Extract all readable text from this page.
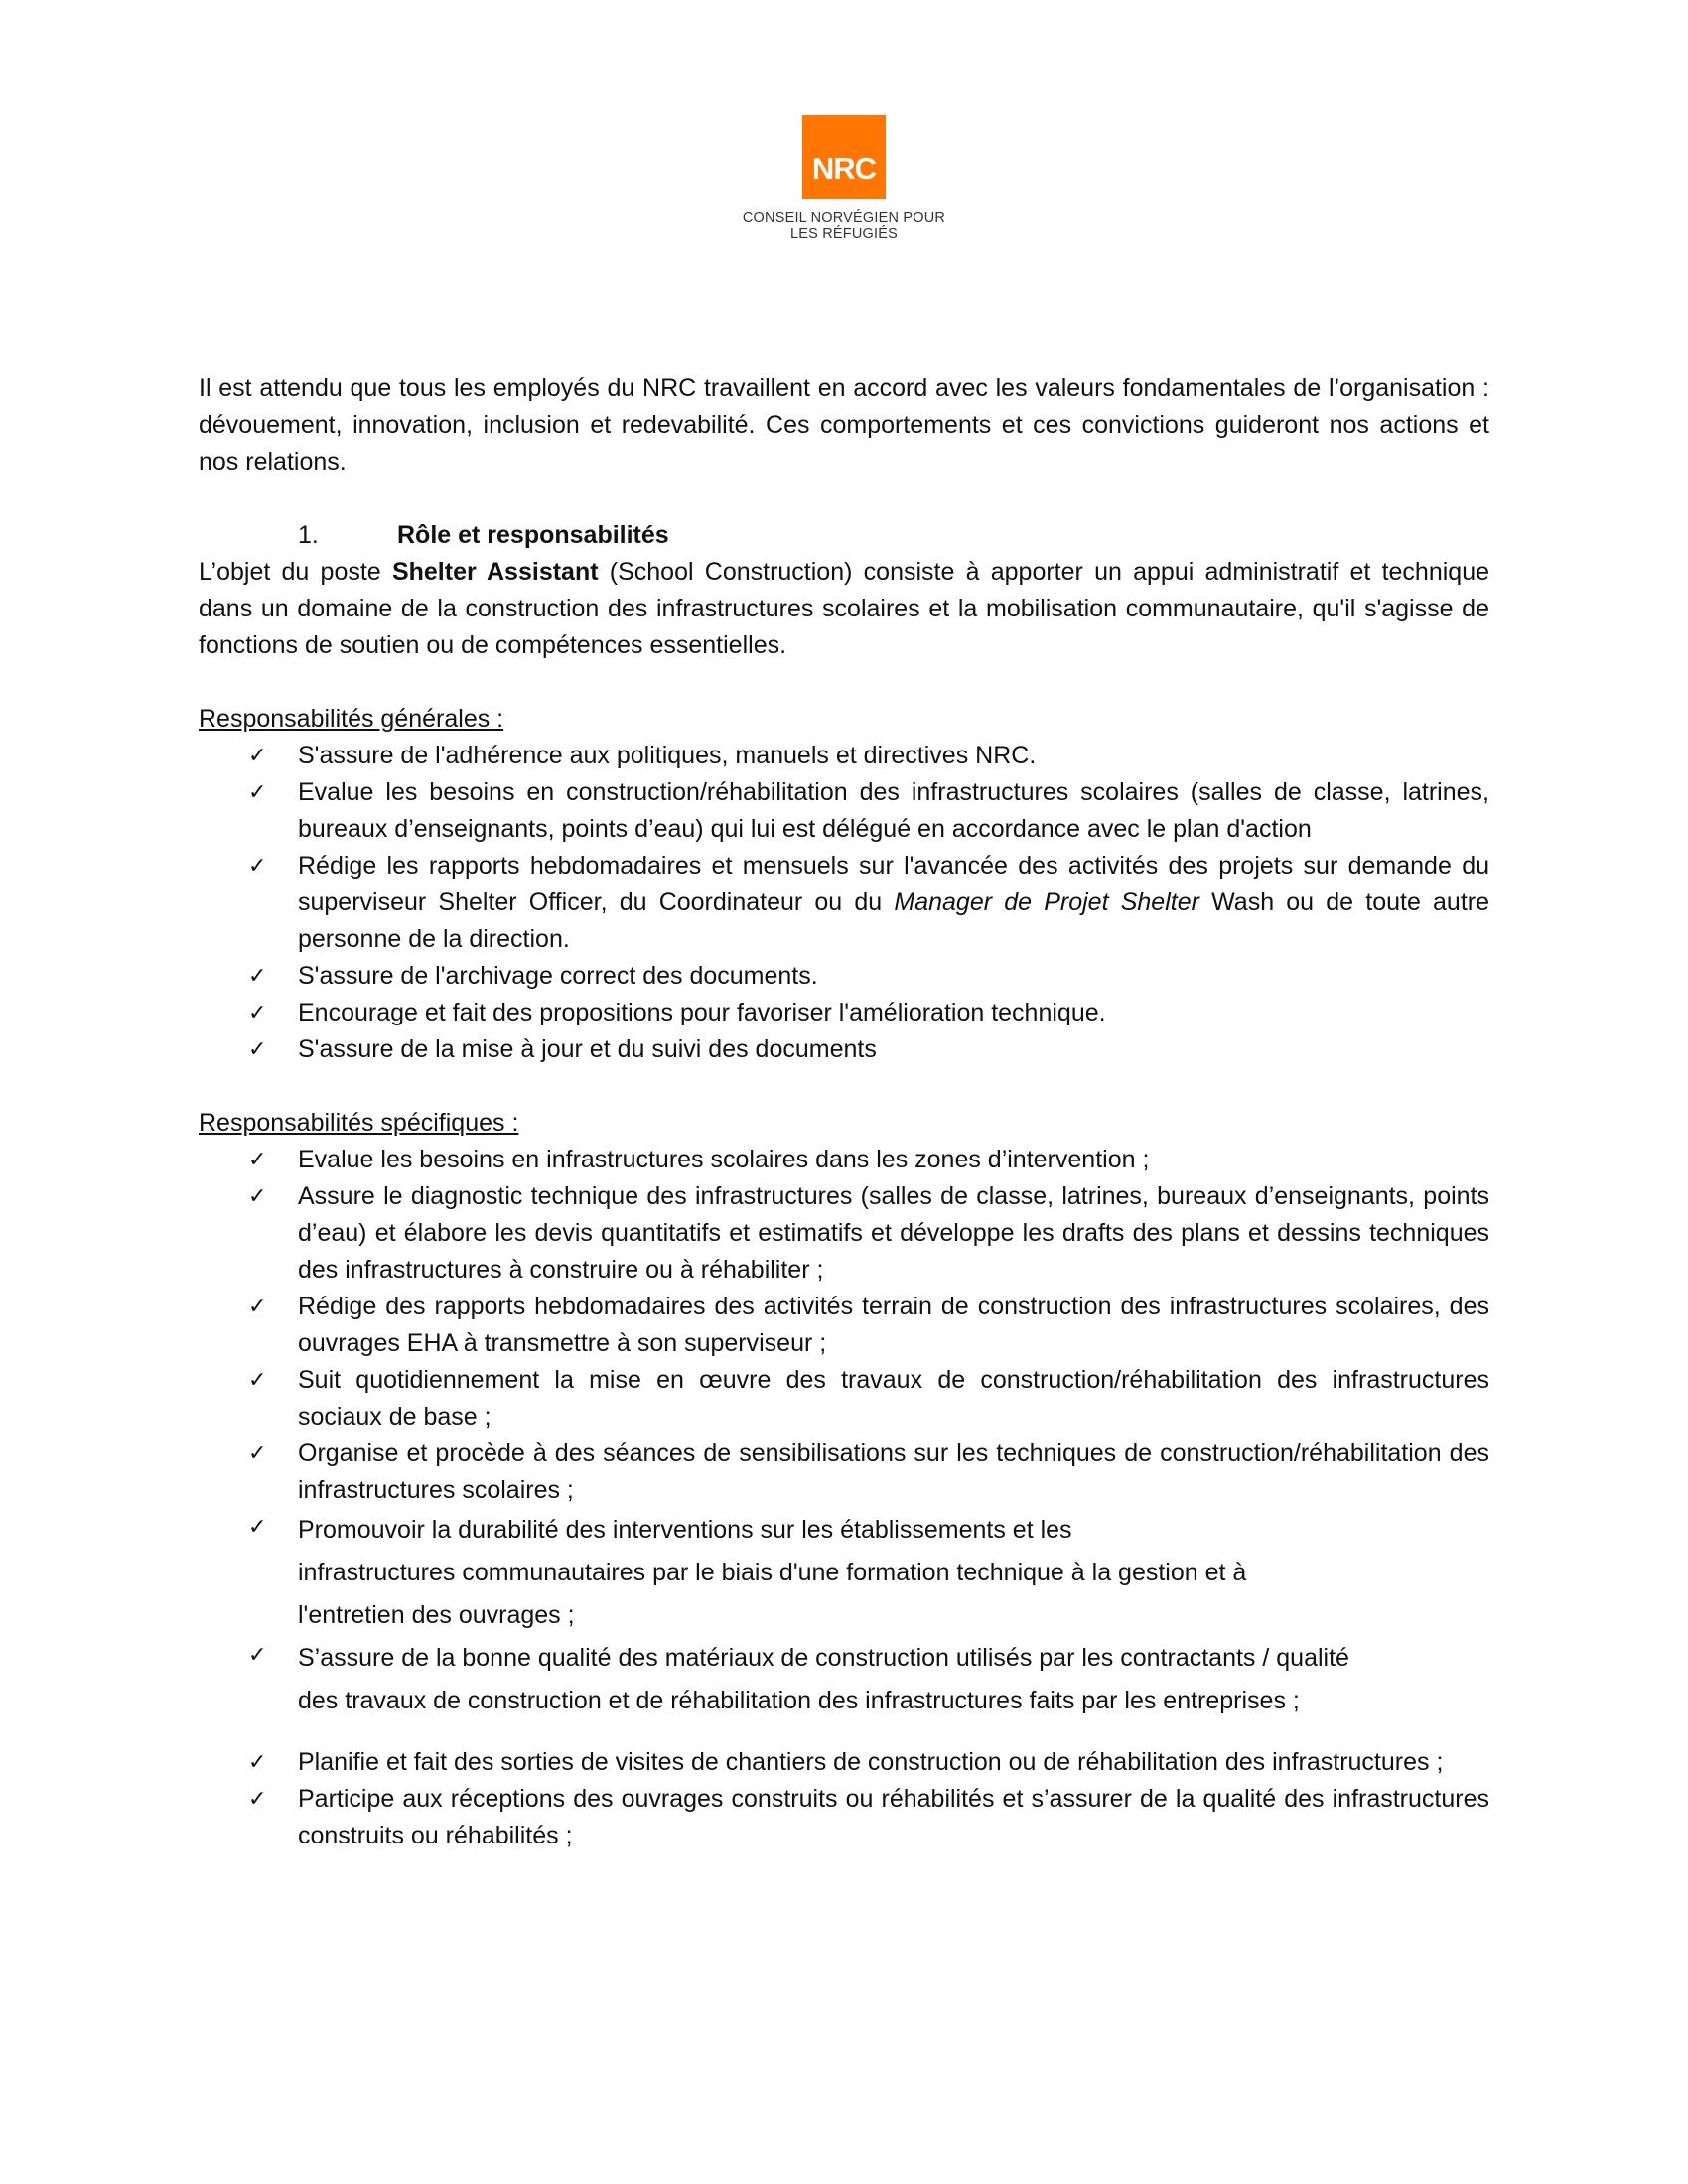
NRC
CONSEIL NORVÉGIEN POUR
LES RÉFUGIÉS

Il est attendu que tous les employés du NRC travaillent en accord avec les valeurs fondamentales de l’organisation : dévouement, innovation, inclusion et redevabilité. Ces comportements et ces convictions guideront nos actions et nos relations.

1.	Rôle et responsabilités

L’objet du poste Shelter Assistant (School Construction) consiste à apporter un appui administratif et technique dans un domaine de la construction des infrastructures scolaires et la mobilisation communautaire, qu'il s'agisse de fonctions de soutien ou de compétences essentielles.

Responsabilités générales :
✓	S'assure de l'adhérence aux politiques, manuels et directives NRC.
✓	Evalue les besoins en construction/réhabilitation des infrastructures scolaires (salles de classe, latrines, bureaux d’enseignants, points d’eau) qui lui est délégué en accordance avec le plan d'action
✓	Rédige les rapports hebdomadaires et mensuels sur l'avancée des activités des projets sur demande du superviseur Shelter Officer, du Coordinateur ou du Manager de Projet Shelter Wash ou de toute autre personne de la direction.
✓	S'assure de l'archivage correct des documents.
✓	Encourage et fait des propositions pour favoriser l'amélioration technique.
✓	S'assure de la mise à jour et du suivi des documents
Responsabilités spécifiques :
✓	Evalue les besoins en infrastructures scolaires dans les zones d’intervention ;
✓	Assure le diagnostic technique des infrastructures (salles de classe, latrines, bureaux d’enseignants, points d’eau) et élabore les devis quantitatifs et estimatifs et développe les drafts des plans et dessins techniques des infrastructures à construire ou à réhabiliter ;
✓	Rédige des rapports hebdomadaires des activités terrain de construction des infrastructures scolaires, des ouvrages EHA à transmettre à son superviseur ;
✓	Suit quotidiennement la mise en œuvre des travaux de construction/réhabilitation des infrastructures sociaux de base ;
✓	Organise et procède à des séances de sensibilisations sur les techniques de construction/réhabilitation des infrastructures scolaires ;
✓	Promouvoir la durabilité des interventions sur les établissements et les
infrastructures communautaires par le biais d'une formation technique à la gestion et à
l'entretien des ouvrages ;
✓	S’assure de la bonne qualité des matériaux de construction utilisés par les contractants / qualité
des travaux de construction et de réhabilitation des infrastructures faits par les entreprises ;
✓	Planifie et fait des sorties de visites de chantiers de construction ou de réhabilitation des infrastructures ;
✓	Participe aux réceptions des ouvrages construits ou réhabilités et s’assurer de la qualité des infrastructures construits ou réhabilités ;
